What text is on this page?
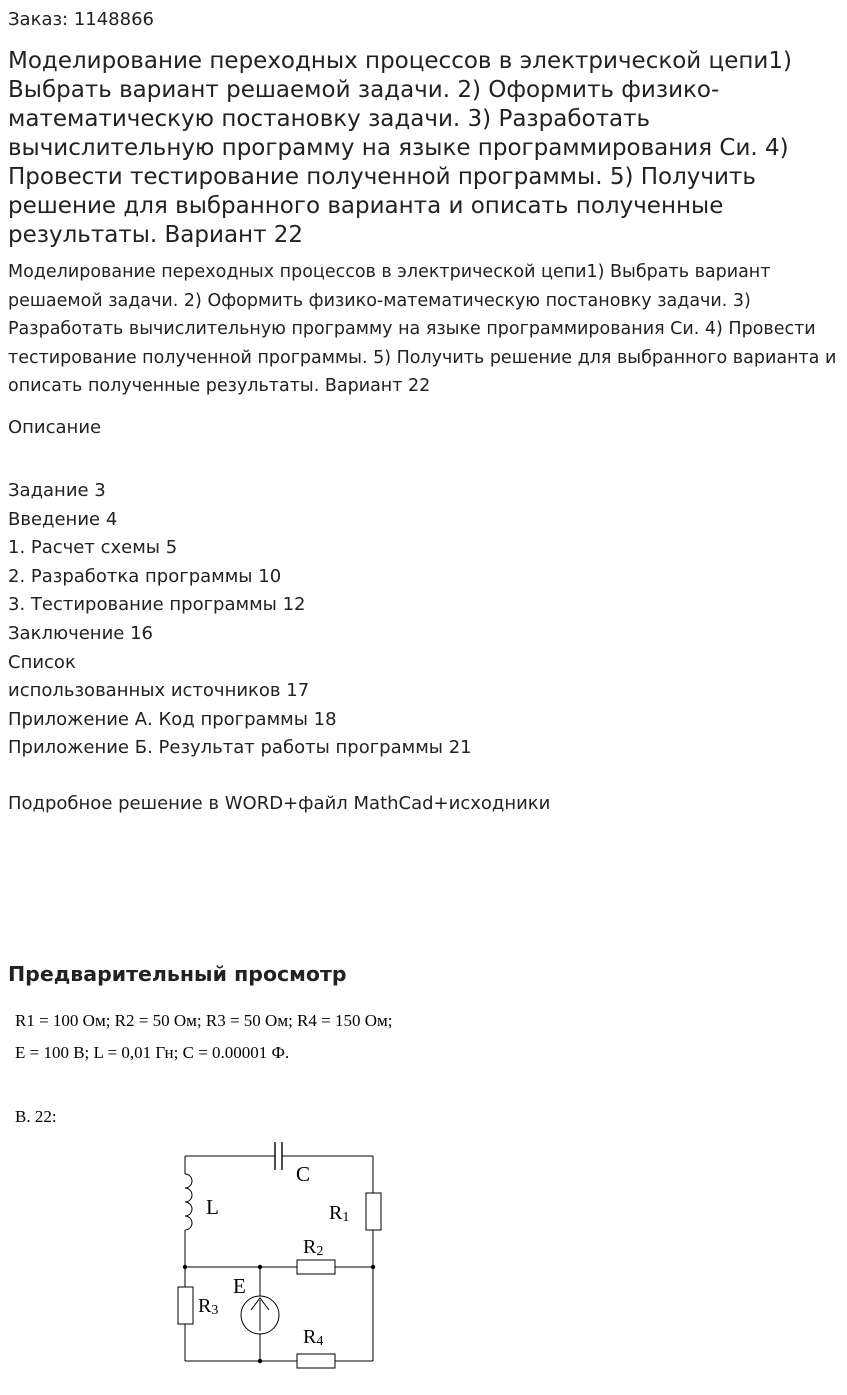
Заказ: 1148866

Моделирование переходных процессов в электрической цепи1) Выбрать вариант решаемой задачи. 2) Оформить физико-математическую постановку задачи. 3) Разработать вычислительную программу на языке программирования Си. 4) Провести тестирование полученной программы. 5) Получить решение для выбранного варианта и описать полученные результаты. Вариант 22

Моделирование переходных процессов в электрической цепи1) Выбрать вариант решаемой задачи. 2) Оформить физико-математическую постановку задачи. 3) Разработать вычислительную программу на языке программирования Си. 4) Провести тестирование полученной программы. 5) Получить решение для выбранного варианта и описать полученные результаты. Вариант 22

Описание

Задание 3
Введение 4
1. Расчет схемы 5
2. Разработка программы 10
3. Тестирование программы 12
Заключение 16
Список
использованных источников 17
Приложение А. Код программы 18
Приложение Б. Результат работы программы 21

Подробное решение в WORD+файл MathCad+исходники

Предварительный просмотр

R1 = 100 Ом; R2 = 50 Ом; R3 = 50 Ом; R4 = 150 Ом;

E = 100 В; L = 0,01 Гн; С = 0.00001 Ф.

В. 22:

C
L
E
R1
R2
R3
R4
